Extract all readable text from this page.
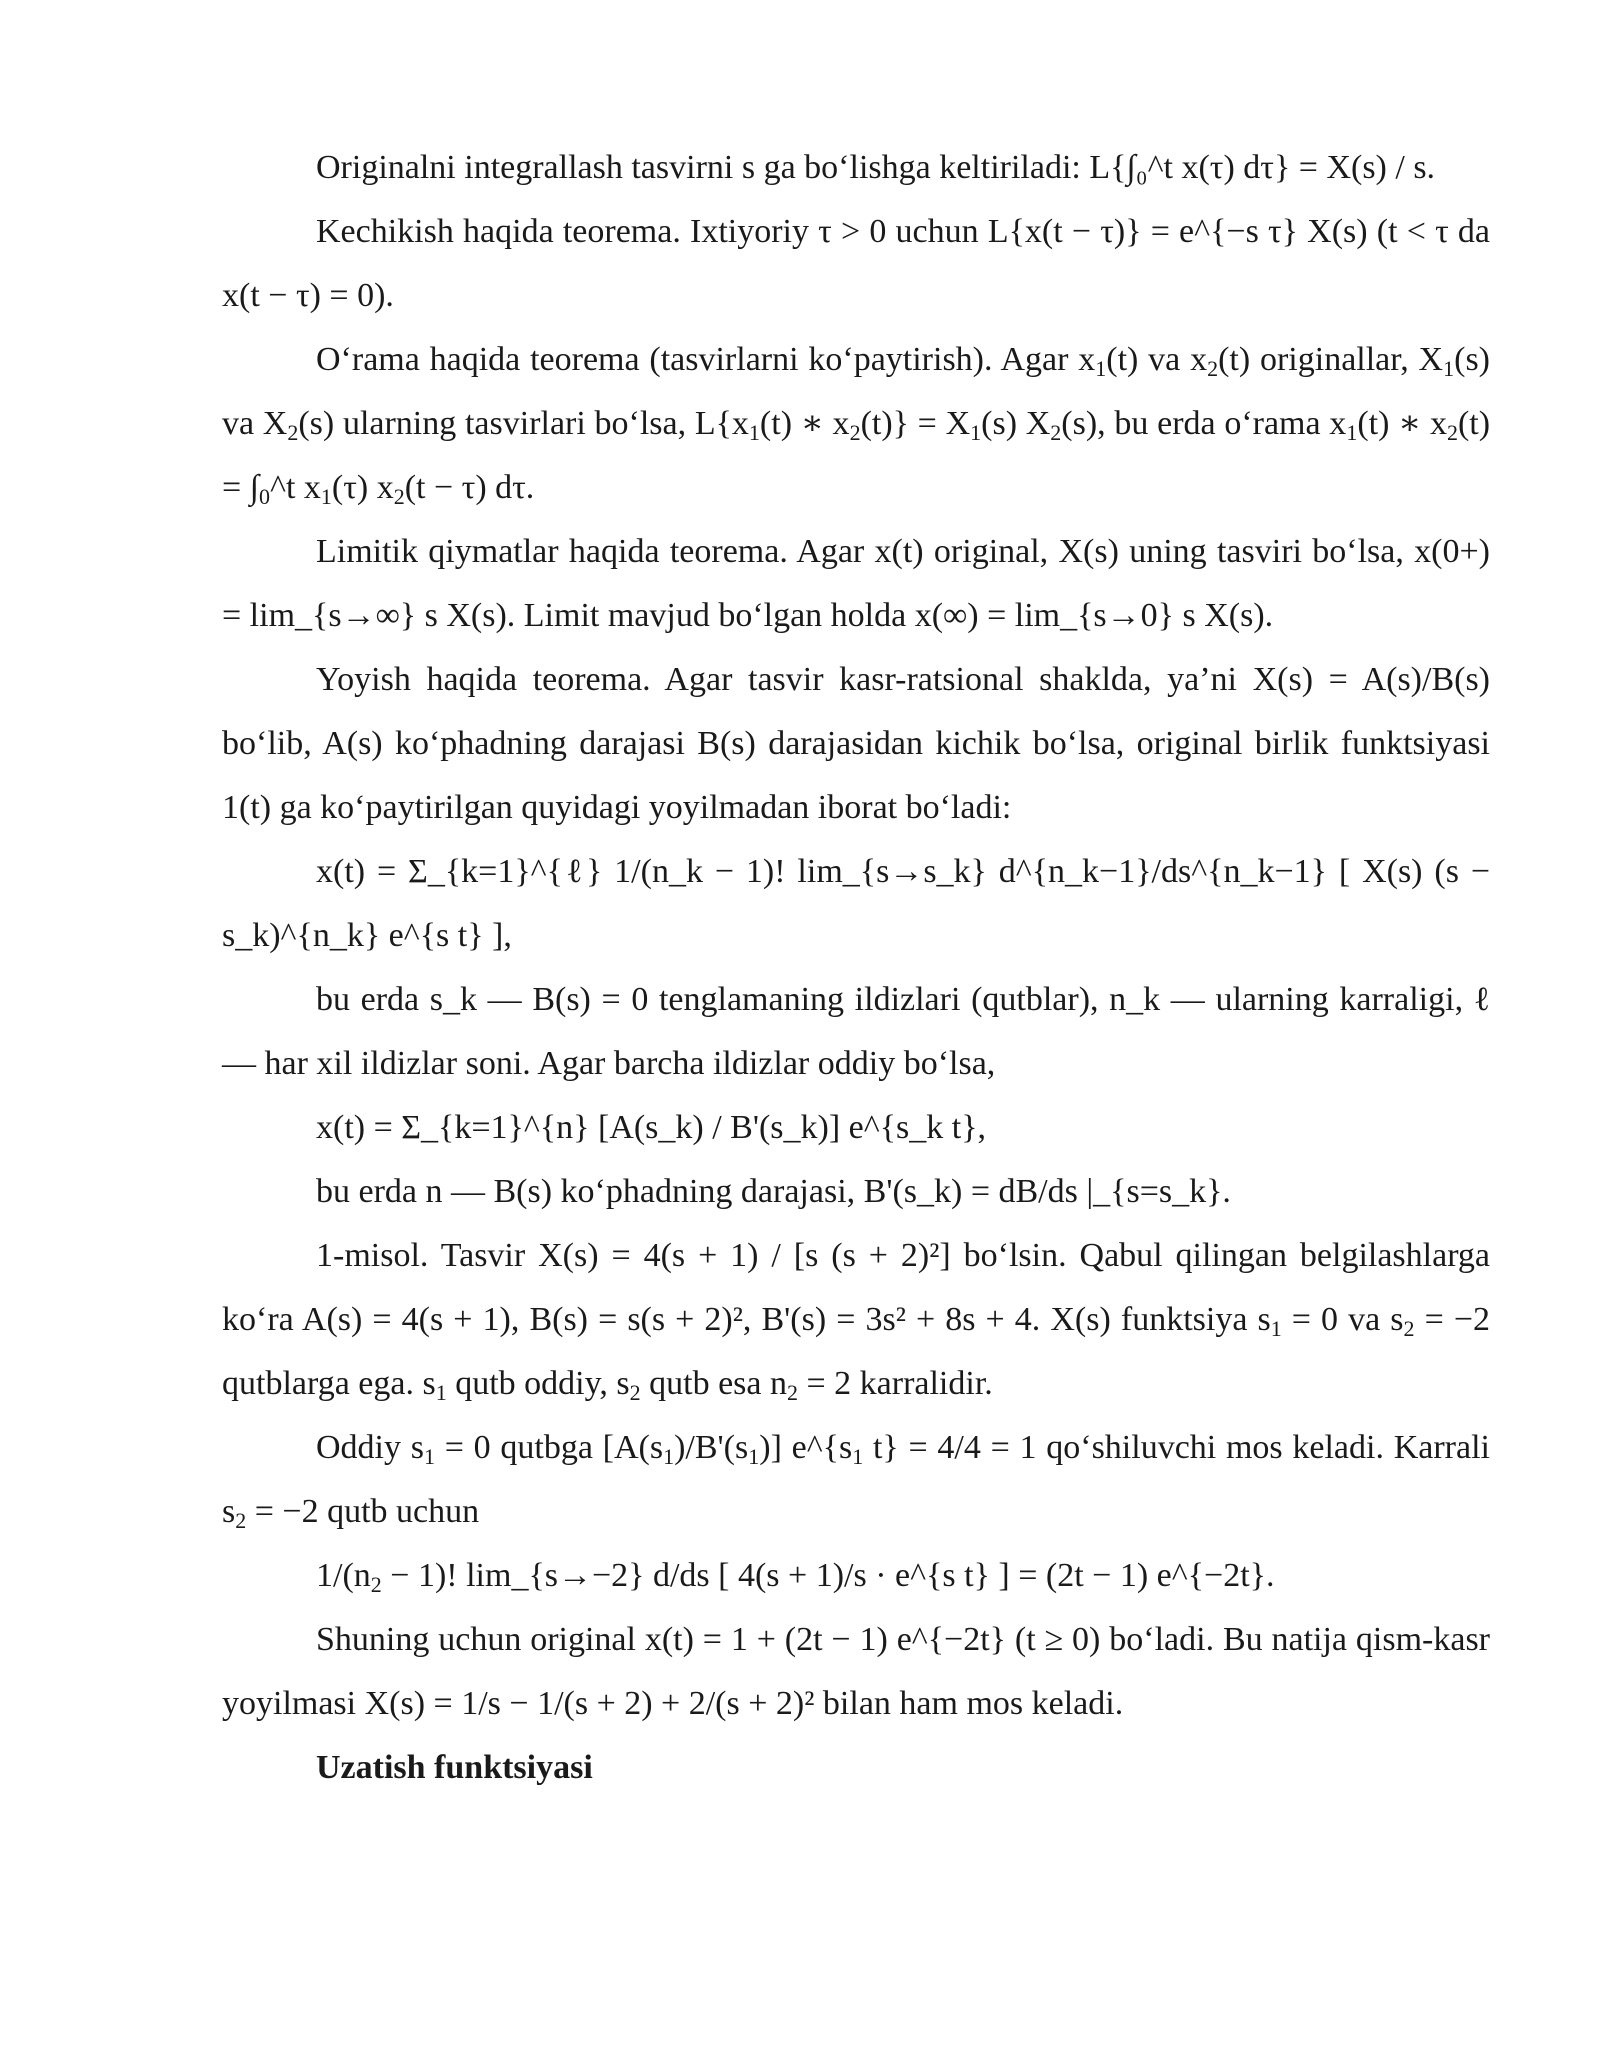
Originalni integrallash tasvirni s ga bo‘lishga keltiriladi: L{∫₀^t x(τ) dτ} = X(s) / s.

Kechikish haqida teorema. Ixtiyoriy τ > 0 uchun L{x(t − τ)} = e^{−s τ} X(s) (t < τ da x(t − τ) = 0).

O‘rama haqida teorema (tasvirlarni ko‘paytirish). Agar $x_1(t)$ va $x_2(t)$ originallar, $X_1(s)$ va $X_2(s)$ ularning tasvirlari bo‘lsa, $L\{x_1(t)$ ∗ $x_2(t)\} = X_1(s)$ $X_2(s)$, bu erda o‘rama $x_1(t)$ ∗ $x_2(t)$ = $\int_0\^{}t$ $x_1(\tau) x_2(t - \tau)$ dτ.

Limitik qiymatlar haqida teorema. Agar x(t) original, X(s) uning tasviri bo‘lsa, x(0+) = lim_{s→∞} s X(s). Limit mavjud bo‘lgan holda x(∞) = lim_{s→0} s X(s).

Yoyish haqida teorema. Agar tasvir kasr-ratsional shaklda, ya’ni X(s) = A(s)/B(s) bo‘lib, A(s) ko‘phadning darajasi B(s) darajasidan kichik bo‘lsa, original birlik funktsiyasi 1(t) ga ko‘paytirilgan quyidagi yoyilmadan iborat bo‘ladi:

x(t) = Σ_{k=1}^{ℓ} 1/(n_k − 1)! lim_{s→s_k} d^{n_k−1}/ds^{n_k−1} [ X(s) (s − s_k)^{n_k} e^{s t} ],

bu erda s_k — B(s) = 0 tenglamaning ildizlari (qutblar), n_k — ularning karraligi, ℓ — har xil ildizlar soni. Agar barcha ildizlar oddiy bo‘lsa,

x(t) = Σ_{k=1}^{n} [A(s_k) / B'(s_k)] e^{s_k t},

bu erda n — B(s) ko‘phadning darajasi, B'(s_k) = dB/ds |_{s=s_k}.

1-misol. Tasvir X(s) = 4(s + 1) / [s (s + 2)²] bo‘lsin. Qabul qilingan belgilashlarga ko‘ra A(s) = 4(s + 1), B(s) = s(s + 2)², B'(s) = 3s² + 8s + 4. X(s) funktsiya $s_1 = 0$ va $s_2 = -2$ qutblarga ega. $s_1$ qutb oddiy, $s_2$ qutb esa $n_2 = 2$ karralidir.

Oddiy $s_1 = 0$ qutbga $[A(s_1)/B'(s_1)]$ $e\^{}\{s_1$ t} = 4/4 = 1 qo‘shiluvchi mos keladi. Karrali $s_2 = -2$ qutb uchun

$1/(n_2 - 1)$! lim_{s→−2} d/ds [ 4(s + 1)/s · e^{s t} ] = (2t − 1) e^{−2t}.

Shuning uchun original x(t) = 1 + (2t − 1) e^{−2t} (t ≥ 0) bo‘ladi. Bu natija qism-kasr yoyilmasi X(s) = 1/s − 1/(s + 2) + 2/(s + 2)² bilan ham mos keladi.

Uzatish funktsiyasi
